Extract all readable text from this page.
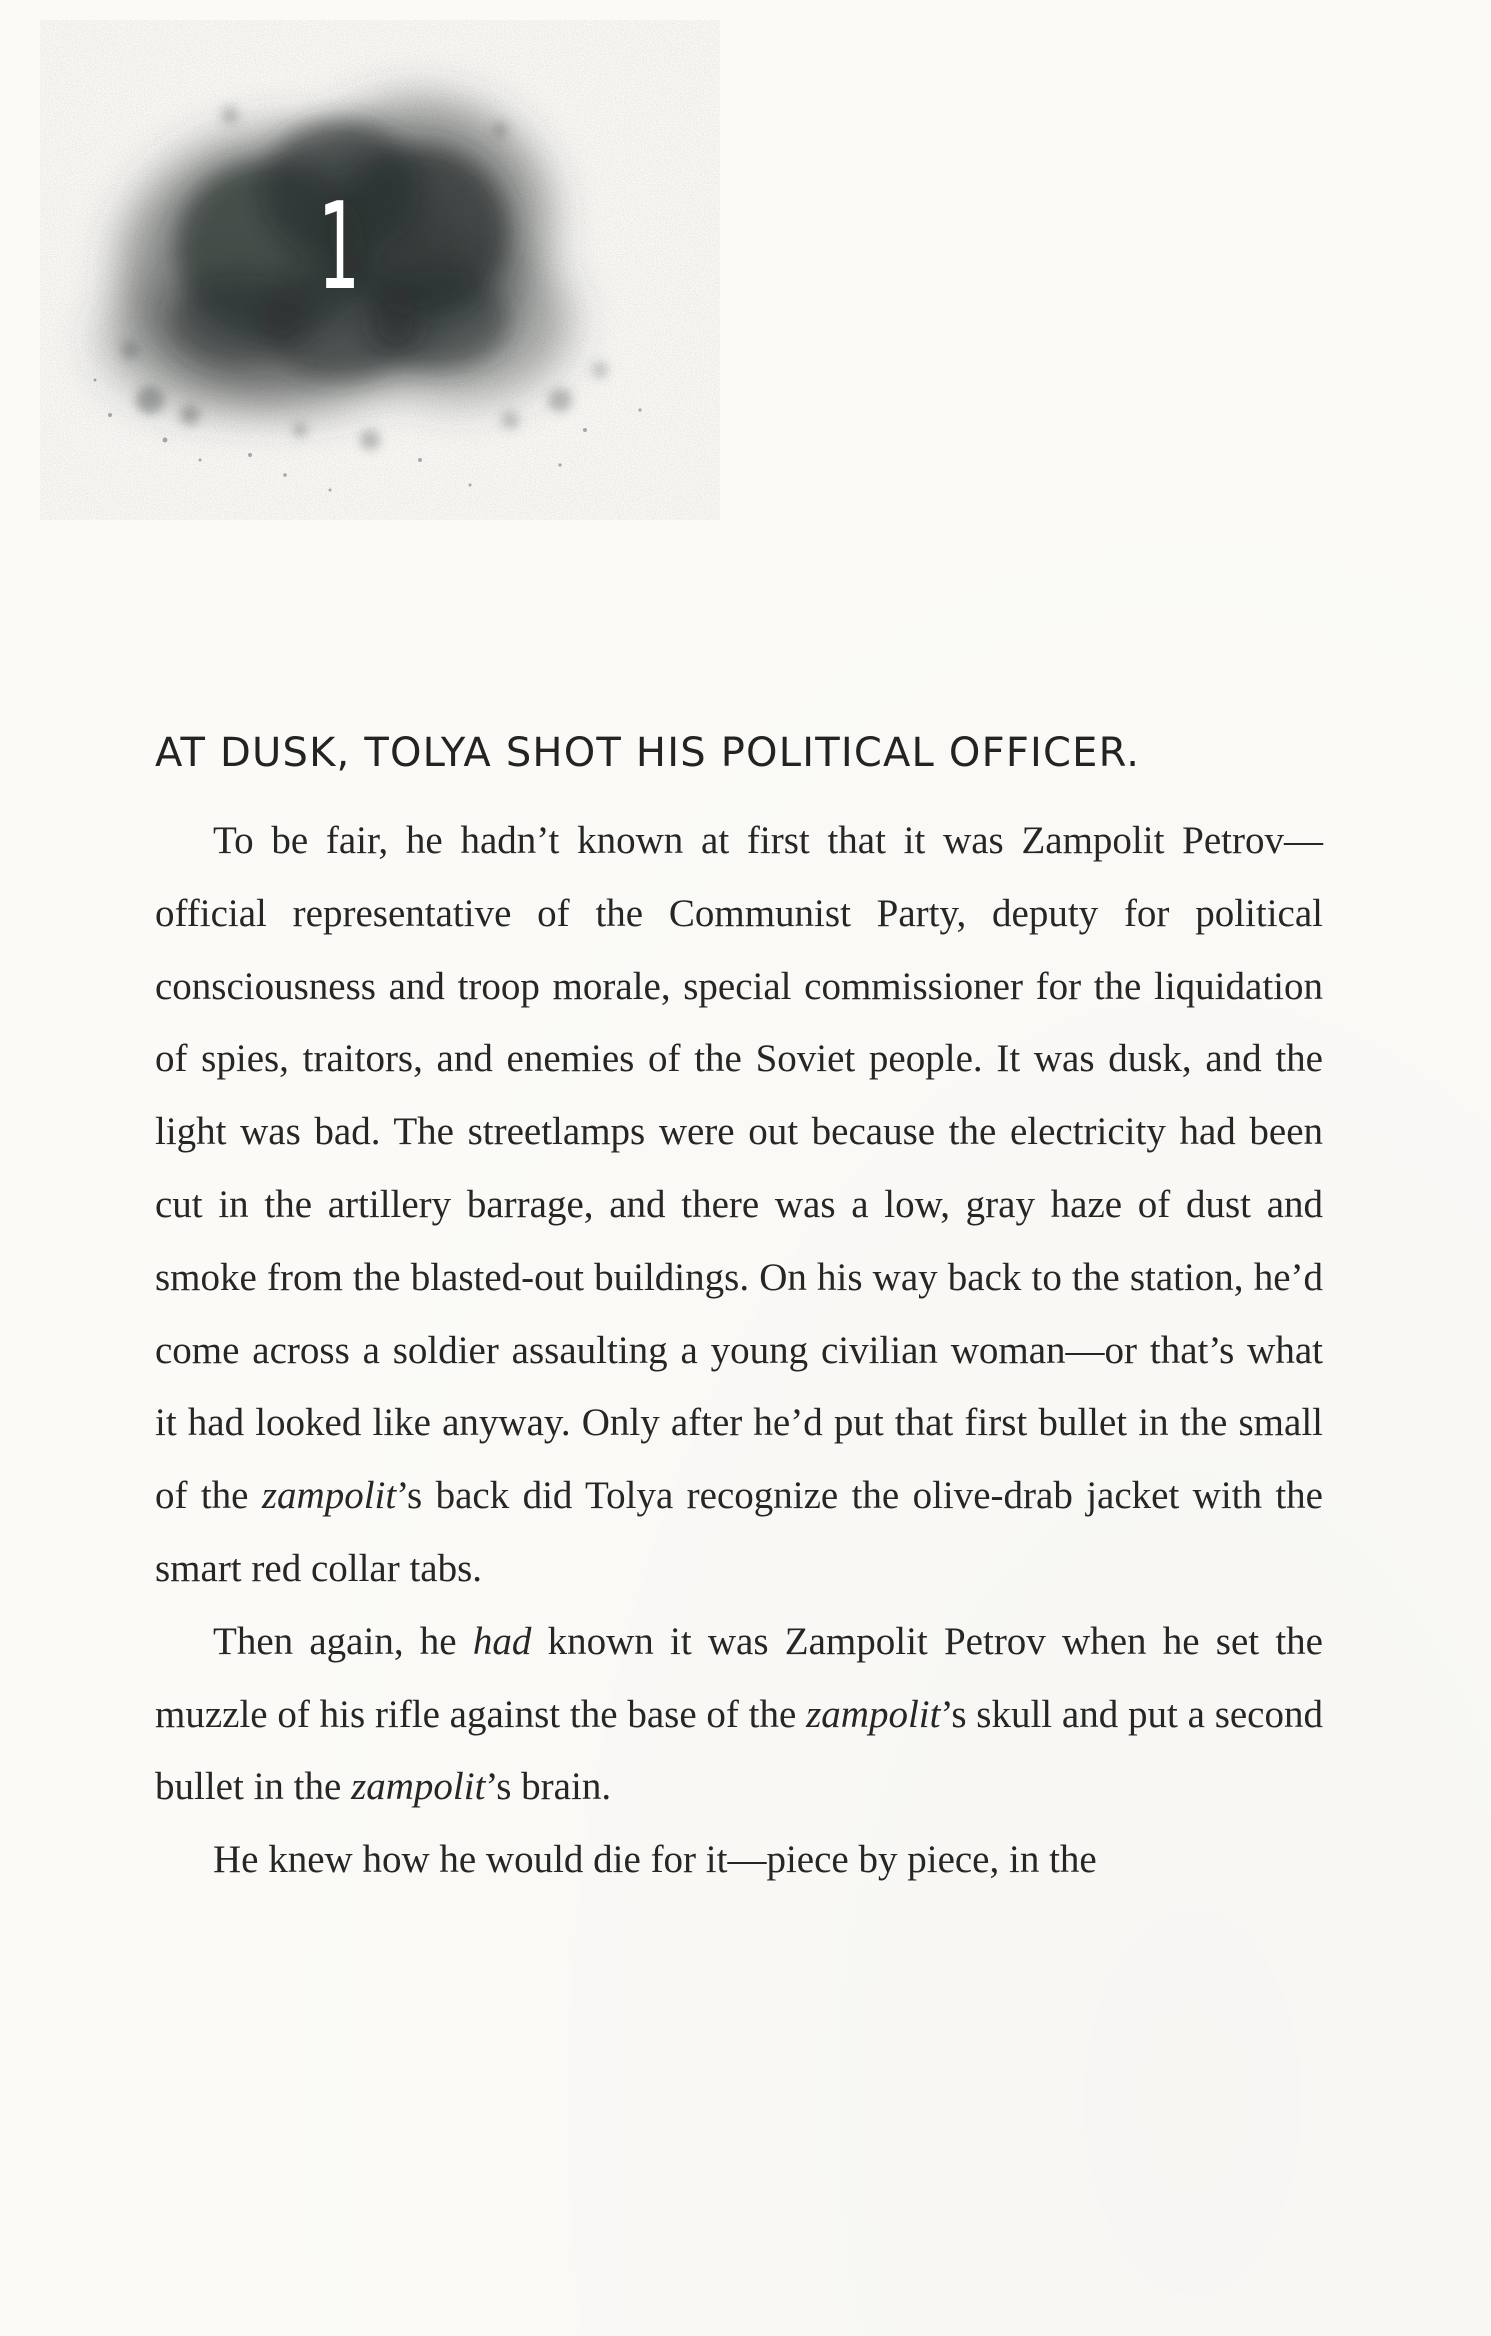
1
AT DUSK, TOLYA SHOT HIS POLITICAL OFFICER.

To be fair, he hadn’t known at first that it was Zampolit Petrov—official representative of the Communist Party, deputy for political consciousness and troop morale, special commissioner for the liquidation of spies, traitors, and enemies of the Soviet people. It was dusk, and the light was bad. The streetlamps were out because the electricity had been cut in the artillery barrage, and there was a low, gray haze of dust and smoke from the blasted-out buildings. On his way back to the station, he’d come across a soldier assaulting a young civilian woman—or that’s what it had looked like anyway. Only after he’d put that first bullet in the small of the zampolit’s back did Tolya recognize the olive-drab jacket with the smart red collar tabs.

Then again, he had known it was Zampolit Petrov when he set the muzzle of his rifle against the base of the zampolit’s skull and put a second bullet in the zampolit’s brain.

He knew how he would die for it—piece by piece, in the
